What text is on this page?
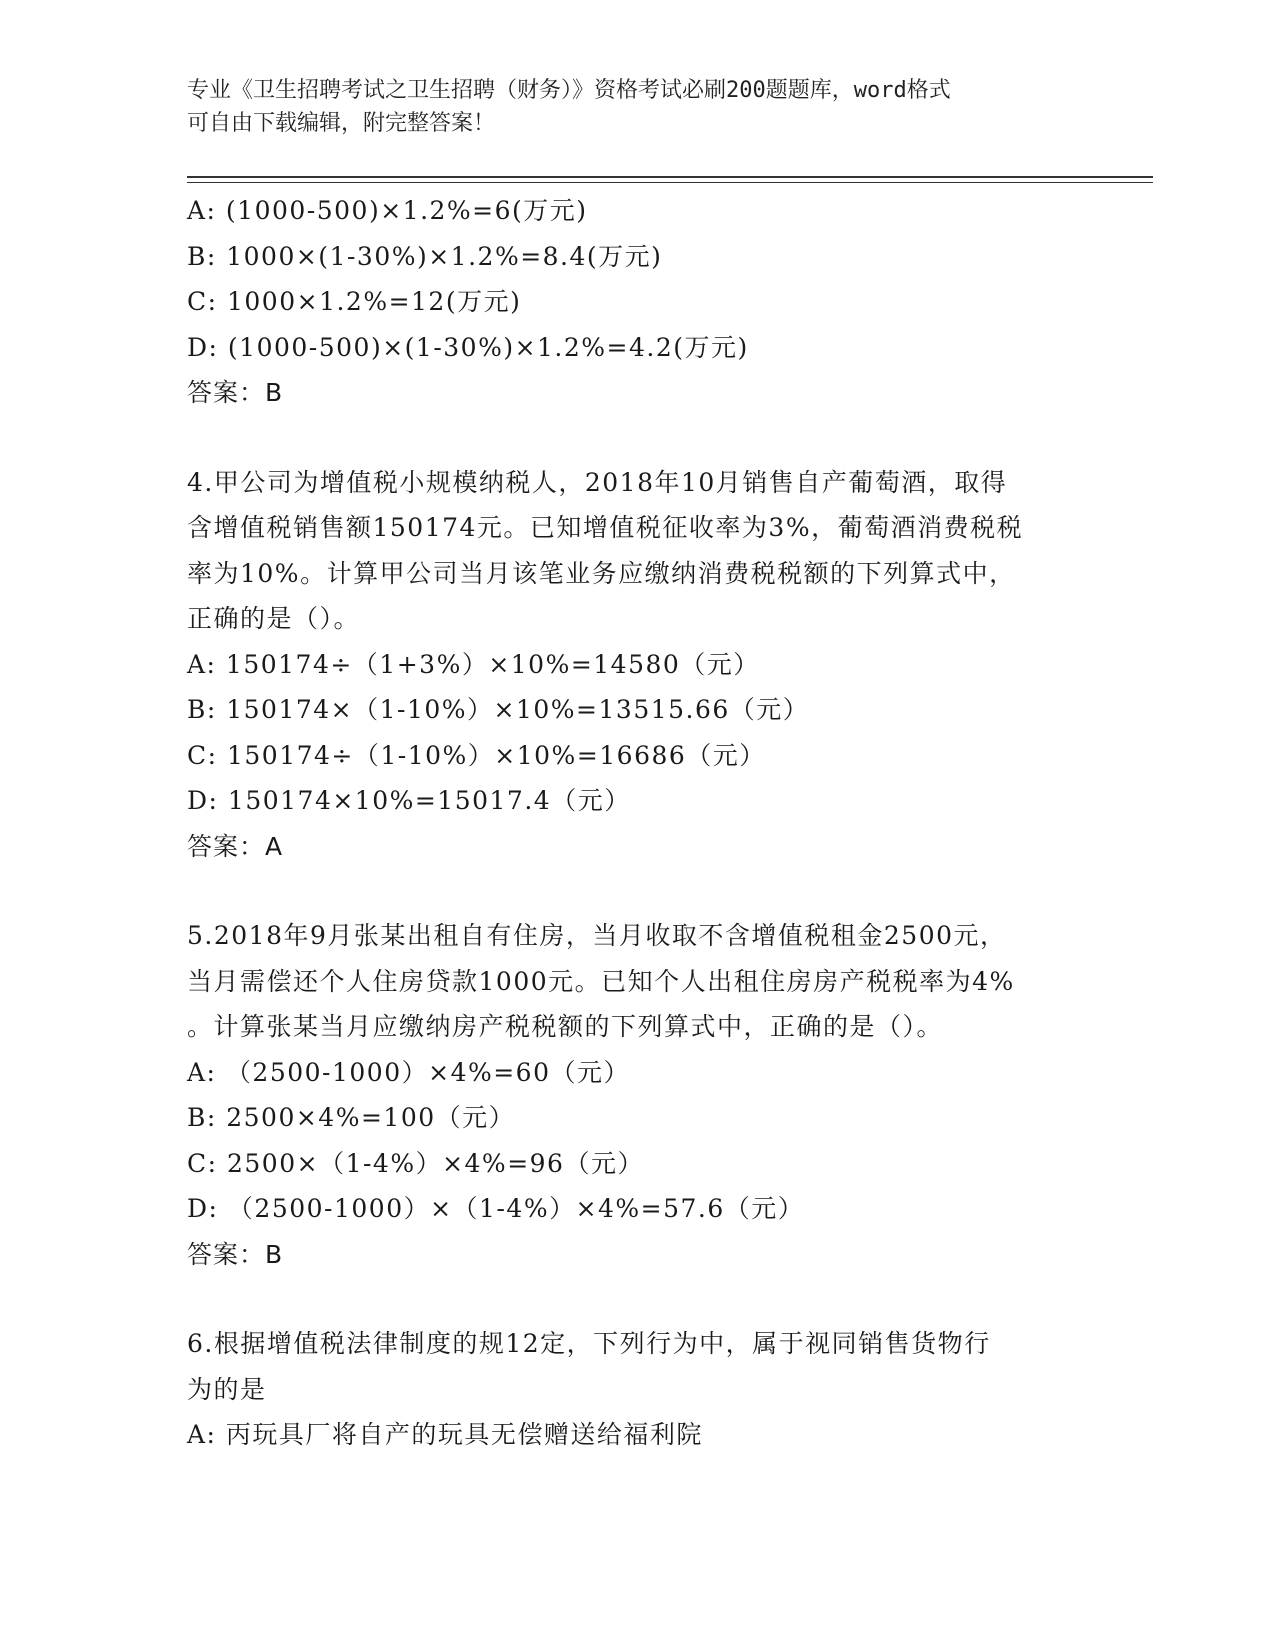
专业《卫生招聘考试之卫生招聘（财务）》资格考试必刷200题题库，word格式
可自由下载编辑，附完整答案！
A: (1000-500)×1.2%=6(万元)
B: 1000×(1-30%)×1.2%=8.4(万元)
C: 1000×1.2%=12(万元)
D: (1000-500)×(1-30%)×1.2%=4.2(万元)
答案：B
4.甲公司为增值税小规模纳税人，2018年10月销售自产葡萄酒，取得
含增值税销售额150174元。已知增值税征收率为3%，葡萄酒消费税税
率为10%。计算甲公司当月该笔业务应缴纳消费税税额的下列算式中，
正确的是（）。
A: 150174÷（1+3%）×10%=14580（元）
B: 150174×（1-10%）×10%=13515.66（元）
C: 150174÷（1-10%）×10%=16686（元）
D: 150174×10%=15017.4（元）
答案：A
5.2018年9月张某出租自有住房，当月收取不含增值税租金2500元，
当月需偿还个人住房贷款1000元。已知个人出租住房房产税税率为4%
。计算张某当月应缴纳房产税税额的下列算式中，正确的是（）。
A: （2500-1000）×4%=60（元）
B: 2500×4%=100（元）
C: 2500×（1-4%）×4%=96（元）
D: （2500-1000）×（1-4%）×4%=57.6（元）
答案：B
6.根据增值税法律制度的规12定，下列行为中，属于视同销售货物行
为的是
A: 丙玩具厂将自产的玩具无偿赠送给福利院
